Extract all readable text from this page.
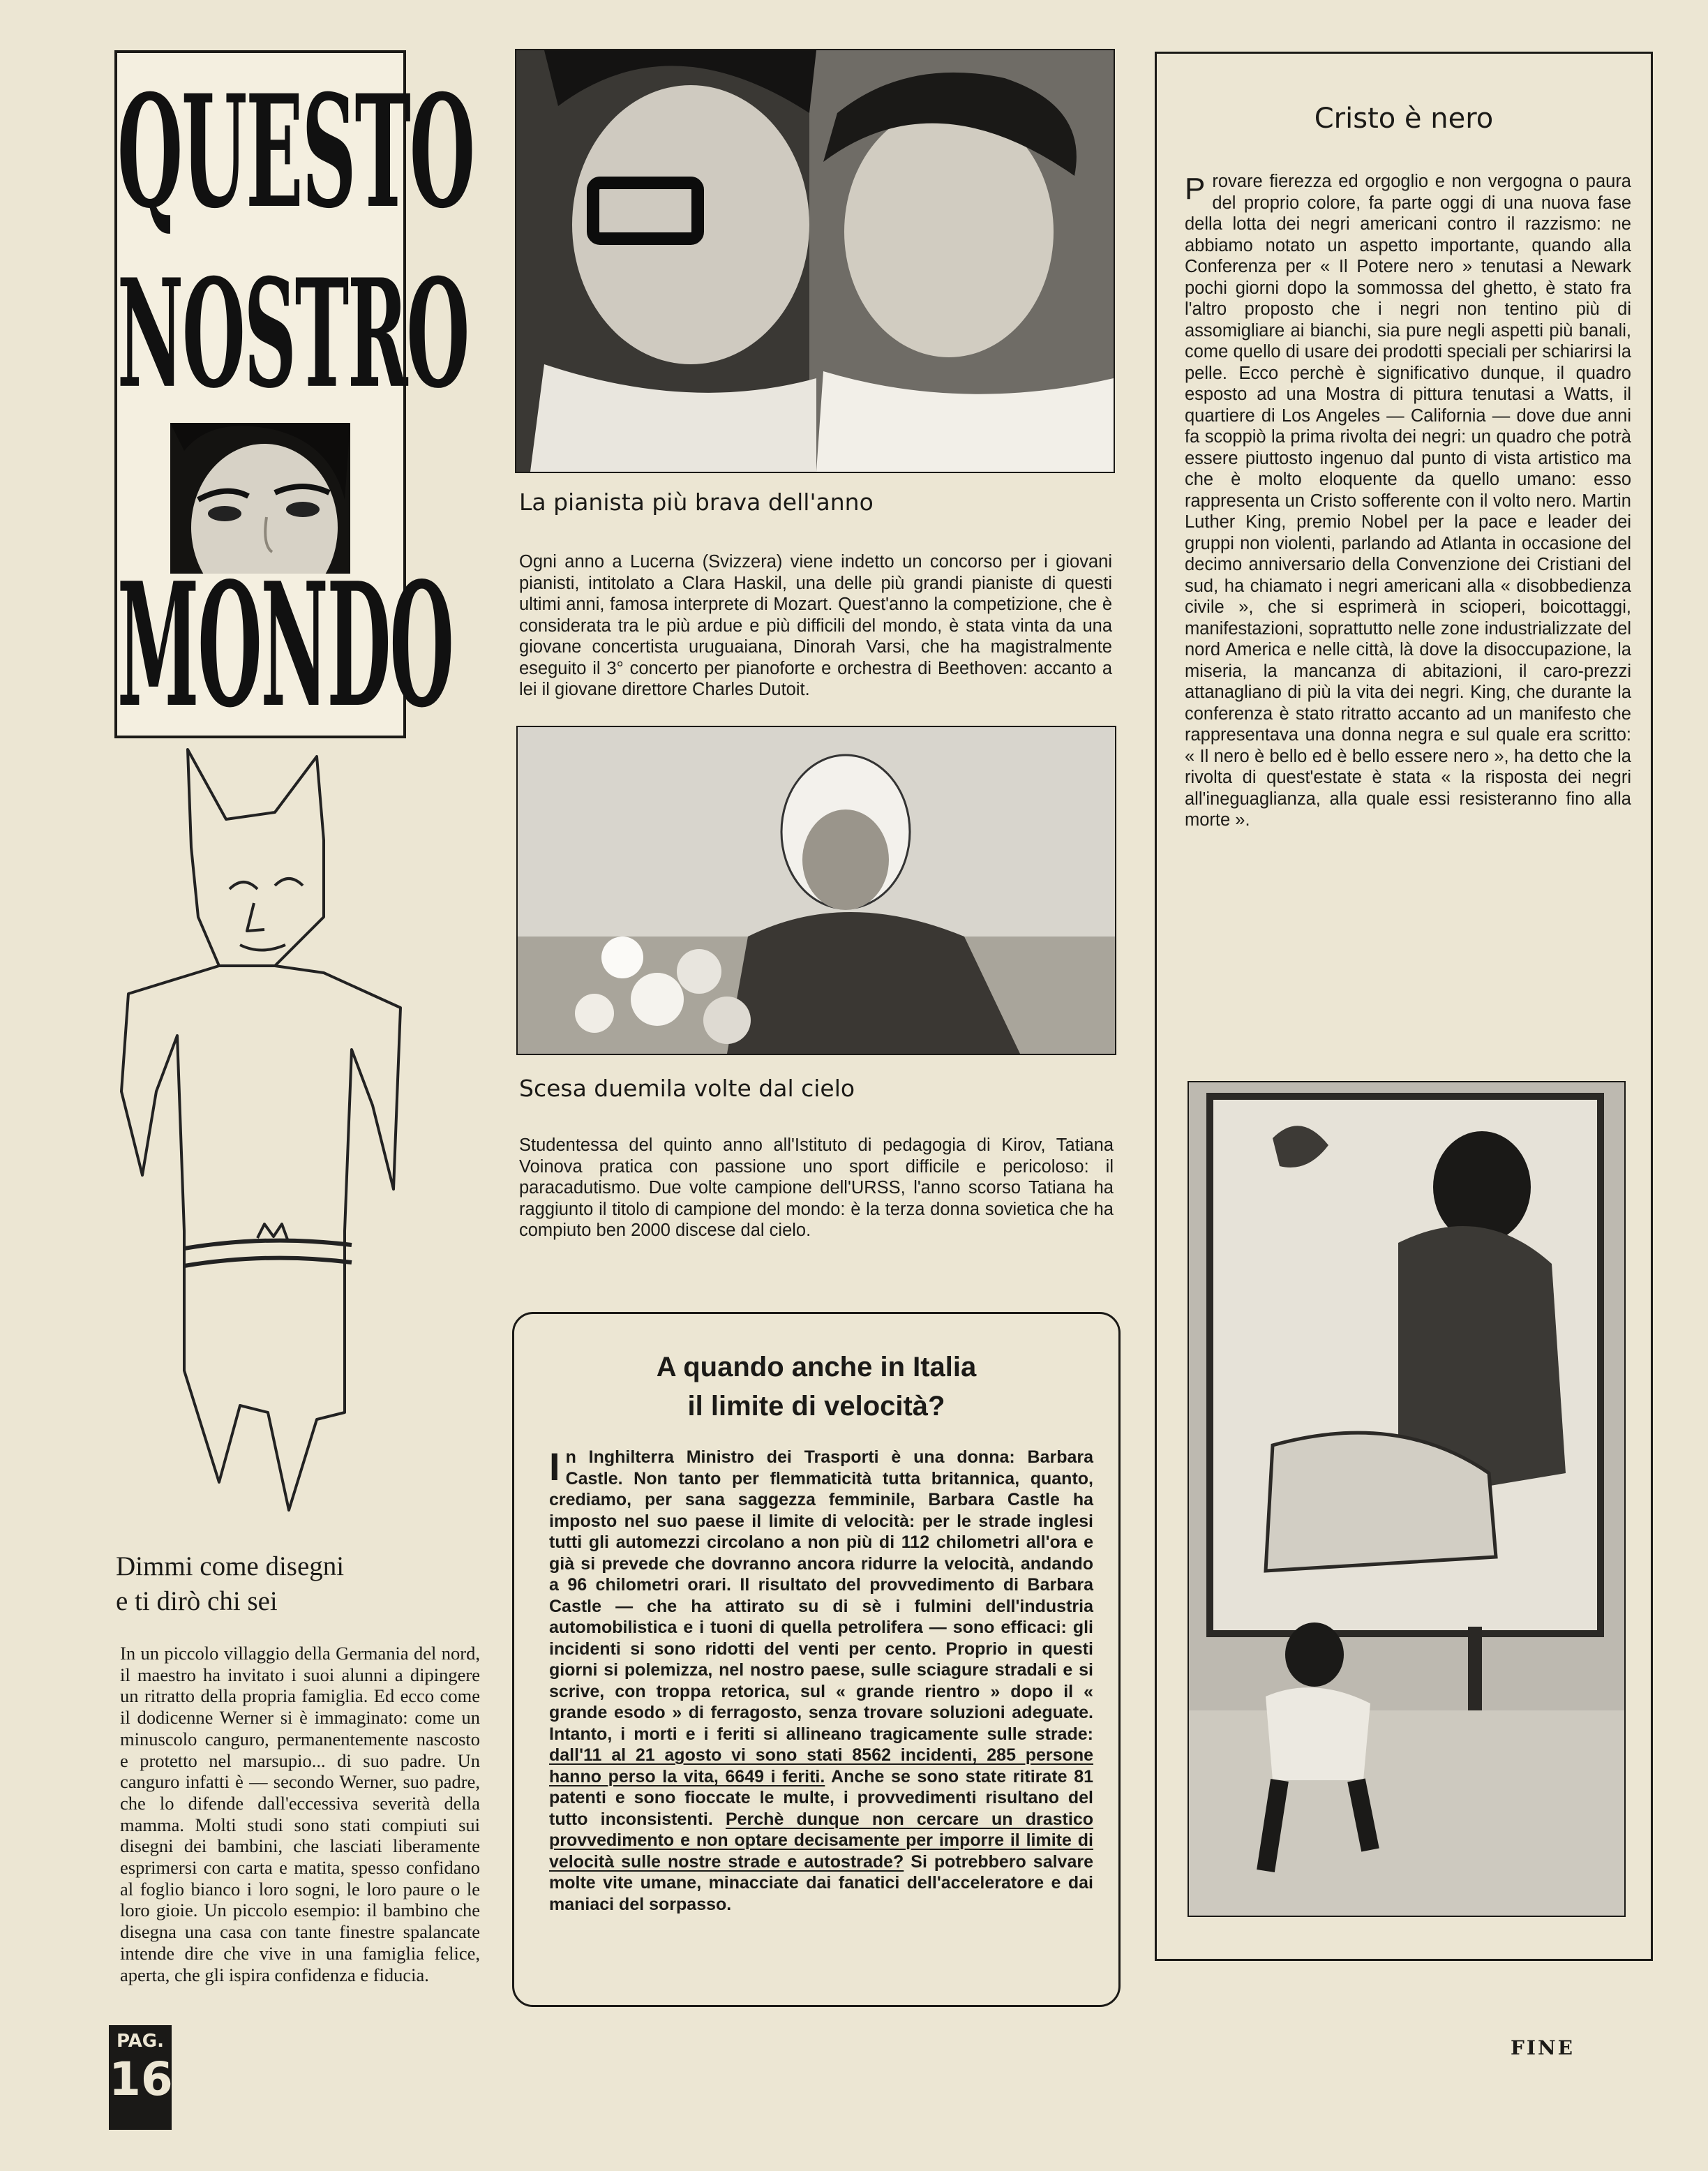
QUESTO
NOSTRO
MONDO
La pianista più brava dell'anno
Ogni anno a Lucerna (Svizzera) viene indetto un concorso per i giovani pianisti, intitolato a Clara Haskil, una delle più grandi pianiste di questi ultimi anni, famosa interprete di Mozart. Quest'anno la competizione, che è considerata tra le più ardue e più difficili del mondo, è stata vinta da una giovane concertista uruguaiana, Dinorah Varsi, che ha magistralmente eseguito il 3° concerto per pianoforte e orchestra di Beethoven: accanto a lei il giovane direttore Charles Dutoit.
Scesa duemila volte dal cielo
Studentessa del quinto anno all'Istituto di pedagogia di Kirov, Tatiana Voinova pratica con passione uno sport difficile e pericoloso: il paracadutismo. Due volte campione dell'URSS, l'anno scorso Tatiana ha raggiunto il titolo di campione del mondo: è la terza donna sovietica che ha compiuto ben 2000 discese dal cielo.
Dimmi come disegni
e ti dirò chi sei
In un piccolo villaggio della Germania del nord, il maestro ha invitato i suoi alunni a dipingere un ritratto della propria famiglia. Ed ecco come il dodicenne Werner si è immaginato: come un minuscolo canguro, permanentemente nascosto e protetto nel marsupio... di suo padre. Un canguro infatti è — secondo Werner, suo padre, che lo difende dall'eccessiva severità della mamma. Molti studi sono stati compiuti sui disegni dei bambini, che lasciati liberamente esprimersi con carta e matita, spesso confidano al foglio bianco i loro sogni, le loro paure o le loro gioie. Un piccolo esempio: il bambino che disegna una casa con tante finestre spalancate intende dire che vive in una famiglia felice, aperta, che gli ispira confidenza e fiducia.
Cristo è nero
Provare fierezza ed orgoglio e non vergogna o paura del proprio colore, fa parte oggi di una nuova fase della lotta dei negri americani contro il razzismo: ne abbiamo notato un aspetto importante, quando alla Conferenza per « Il Potere nero » tenutasi a Newark pochi giorni dopo la sommossa del ghetto, è stato fra l'altro proposto che i negri non tentino più di assomigliare ai bianchi, sia pure negli aspetti più banali, come quello di usare dei prodotti speciali per schiarirsi la pelle. Ecco perchè è significativo dunque, il quadro esposto ad una Mostra di pittura tenutasi a Watts, il quartiere di Los Angeles — California — dove due anni fa scoppiò la prima rivolta dei negri: un quadro che potrà essere piuttosto ingenuo dal punto di vista artistico ma che è molto eloquente da quello umano: esso rappresenta un Cristo sofferente con il volto nero. Martin Luther King, premio Nobel per la pace e leader dei gruppi non violenti, parlando ad Atlanta in occasione del decimo anniversario della Convenzione dei Cristiani del sud, ha chiamato i negri americani alla « disobbedienza civile », che si esprimerà in scioperi, boicottaggi, manifestazioni, soprattutto nelle zone industrializzate del nord America e nelle città, là dove la disoccupazione, la miseria, la mancanza di abitazioni, il caro-prezzi attanagliano di più la vita dei negri. King, che durante la conferenza è stato ritratto accanto ad un manifesto che rappresentava una donna negra e sul quale era scritto: « Il nero è bello ed è bello essere nero », ha detto che la rivolta di quest'estate è stata « la risposta dei negri all'ineguaglianza, alla quale essi resisteranno fino alla morte ».
A quando anche in Italia
il limite di velocità?
In Inghilterra Ministro dei Trasporti è una donna: Barbara Castle. Non tanto per flemmaticità tutta britannica, quanto, crediamo, per sana saggezza femminile, Barbara Castle ha imposto nel suo paese il limite di velocità: per le strade inglesi tutti gli automezzi circolano a non più di 112 chilometri all'ora e già si prevede che dovranno ancora ridurre la velocità, andando a 96 chilometri orari. Il risultato del provvedimento di Barbara Castle — che ha attirato su di sè i fulmini dell'industria automobilistica e i tuoni di quella petrolifera — sono efficaci: gli incidenti si sono ridotti del venti per cento. Proprio in questi giorni si polemizza, nel nostro paese, sulle sciagure stradali e si scrive, con troppa retorica, sul « grande rientro » dopo il « grande esodo » di ferragosto, senza trovare soluzioni adeguate. Intanto, i morti e i feriti si allineano tragicamente sulle strade: dall'11 al 21 agosto vi sono stati 8562 incidenti, 285 persone hanno perso la vita, 6649 i feriti. Anche se sono state ritirate 81 patenti e sono fioccate le multe, i provvedimenti risultano del tutto inconsistenti. Perchè dunque non cercare un drastico provvedimento e non optare decisamente per imporre il limite di velocità sulle nostre strade e autostrade? Si potrebbero salvare molte vite umane, minacciate dai fanatici dell'acceleratore e dai maniaci del sorpasso.
PAG.
16
FINE
